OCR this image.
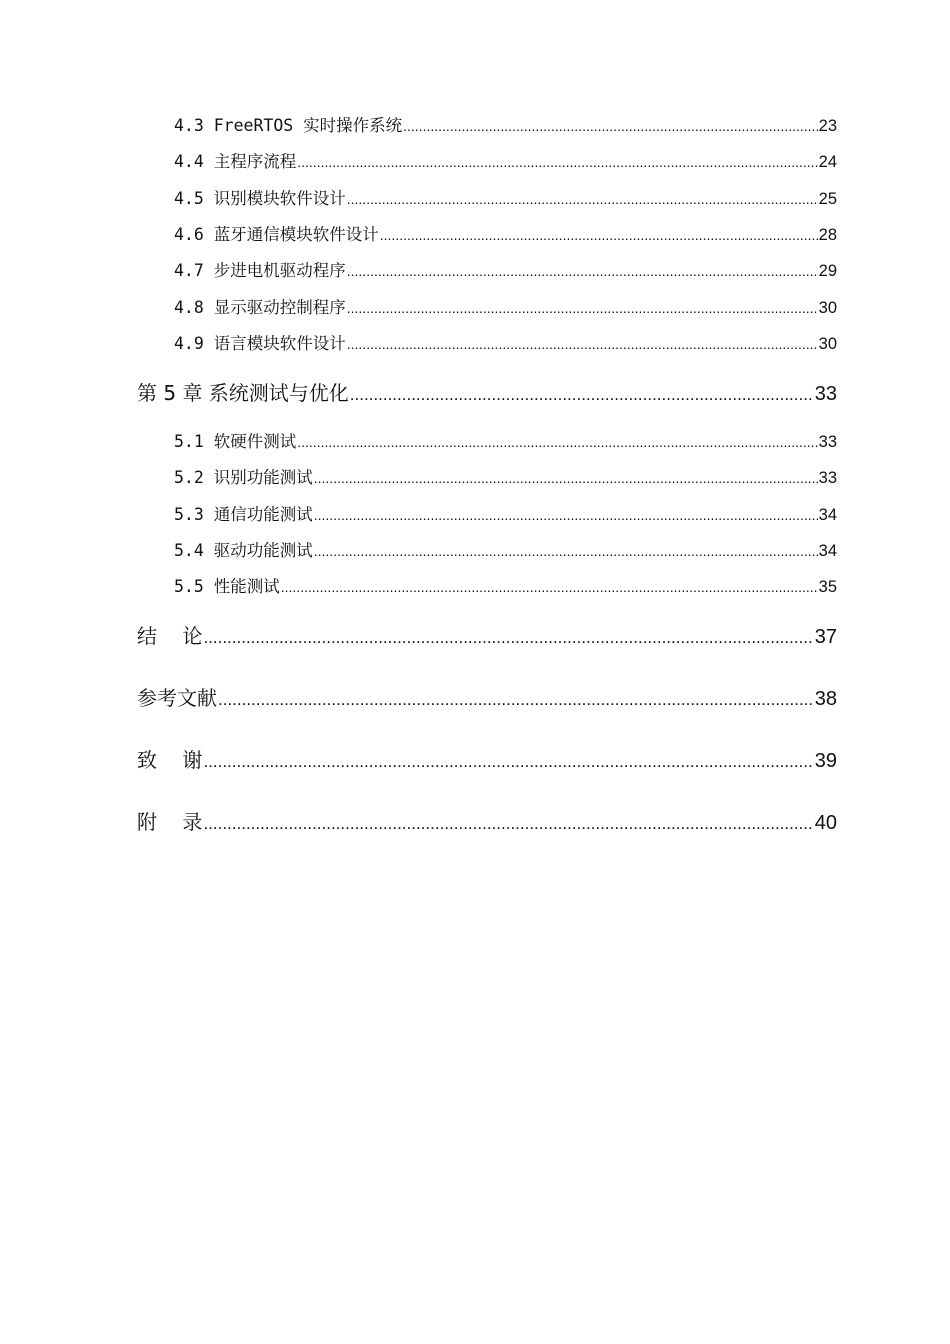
4.3 FreeRTOS 实时操作系统 .....	23
4.4 主程序流程 .....	24
4.5 识别模块软件设计 .....	25
4.6 蓝牙通信模块软件设计 .....	28
4.7 步进电机驱动程序 .....	29
4.8 显示驱动控制程序 .....	30
4.9 语言模块软件设计 .....	30
第 5 章 系统测试与优化 .....	33
5.1 软硬件测试 .....	33
5.2 识别功能测试 .....	33
5.3 通信功能测试 .....	34
5.4 驱动功能测试 .....	34
5.5 性能测试 .....	35
结    论 .....	37
参考文献 .....	38
致    谢 .....	39
附    录 .....	40
